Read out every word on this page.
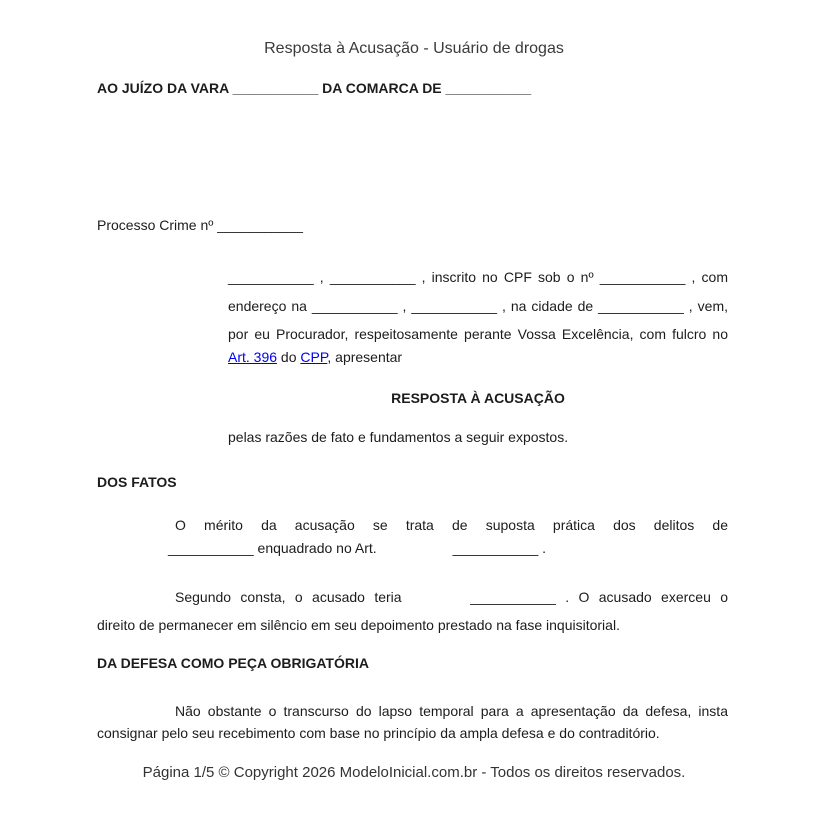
Resposta à Acusação - Usuário de drogas
AO JUÍZO DA VARA ___________ DA COMARCA DE ___________
Processo Crime nº ___________
___________ , ___________ , inscrito no CPF sob o nº ___________ , com
endereço na ___________ , ___________ , na cidade de ___________ , vem,
por eu Procurador, respeitosamente perante Vossa Excelência, com fulcro no
Art. 396 do CPP, apresentar
RESPOSTA À ACUSAÇÃO
pelas razões de fato e fundamentos a seguir expostos.
DOS FATOS
O mérito da acusação se trata de suposta prática dos delitos de
___________ enquadrado no Art.	___________ .
Segundo consta, o acusado teria	___________ . O acusado exerceu o
direito de permanecer em silêncio em seu depoimento prestado na fase inquisitorial.
DA DEFESA COMO PEÇA OBRIGATÓRIA
Não obstante o transcurso do lapso temporal para a apresentação da defesa, insta
consignar pelo seu recebimento com base no princípio da ampla defesa e do contraditório.
Página 1/5 © Copyright 2026 ModeloInicial.com.br - Todos os direitos reservados.
